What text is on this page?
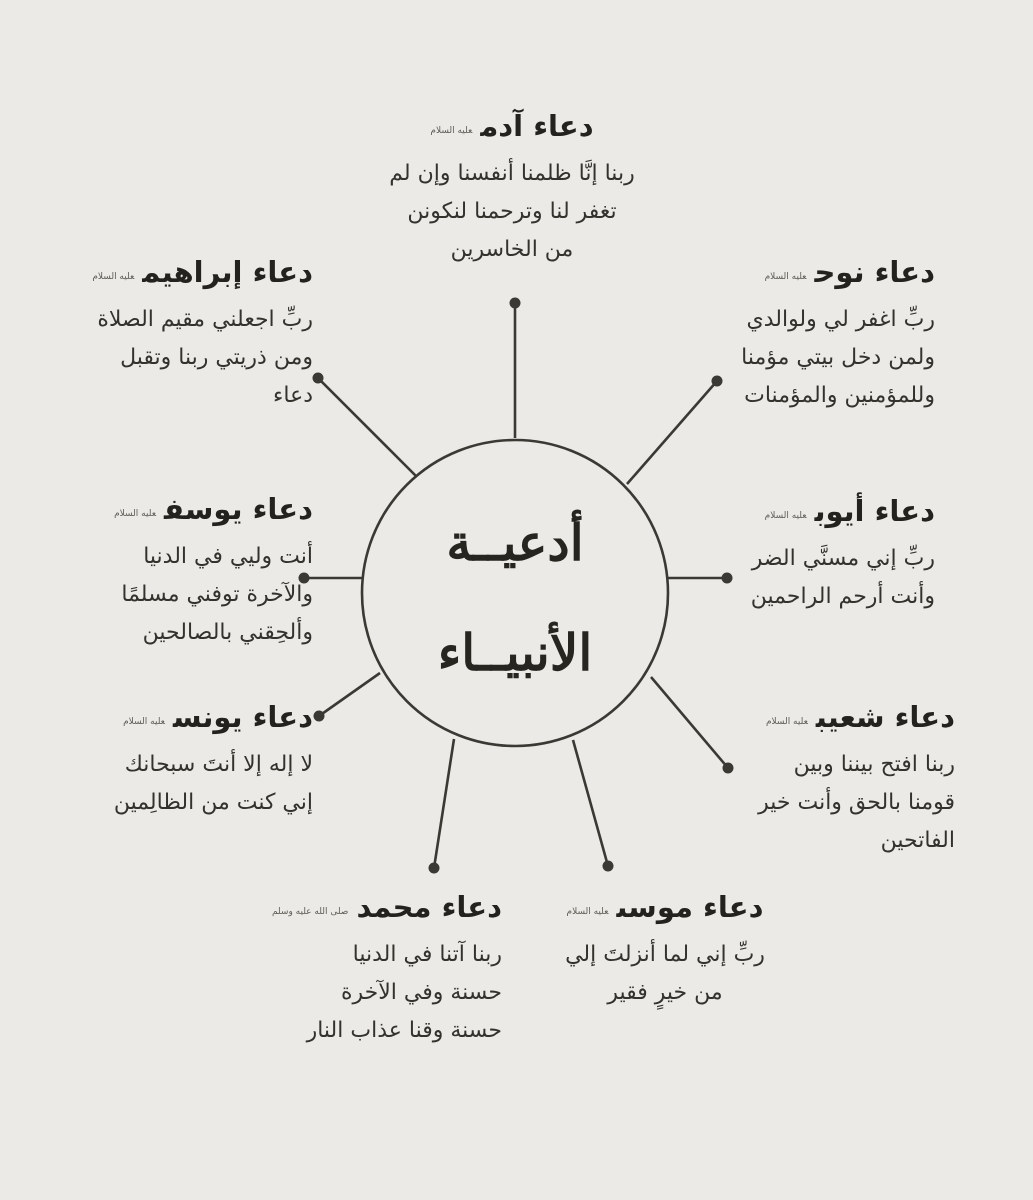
أدعيــة
الأنبيــاء
دعاء آدمعليه السلام
ربنا إنَّا ظلمنا أنفسنا وإن لم
تغفر لنا وترحمنا لنكونن
من الخاسرين
دعاء نوحعليه السلام
ربِّ اغفر لي ولوالدي
ولمن دخل بيتي مؤمنا
وللمؤمنين والمؤمنات
دعاء أيوبعليه السلام
ربِّ إني مسنَّي الضر
وأنت أرحم الراحمين
دعاء شعيبعليه السلام
ربنا افتح بيننا وبين
قومنا بالحق وأنت خير
الفاتحين
دعاء موسىعليه السلام
ربِّ إني لما أنزلتَ إلي
من خيرٍ فقير
دعاء محمدصلى الله عليه وسلم
ربنا آتنا في الدنيا
حسنة وفي الآخرة
حسنة وقنا عذاب النار
دعاء يونسعليه السلام
لا إله إلا أنتَ سبحانك
إني كنت من الظالِمين
دعاء يوسفعليه السلام
أنت وليي في الدنيا
والآخرة توفني مسلمًا
وألحِقني بالصالحين
دعاء إبراهيمعليه السلام
ربِّ اجعلني مقيم الصلاة
ومن ذريتي ربنا وتقبل
دعاء
